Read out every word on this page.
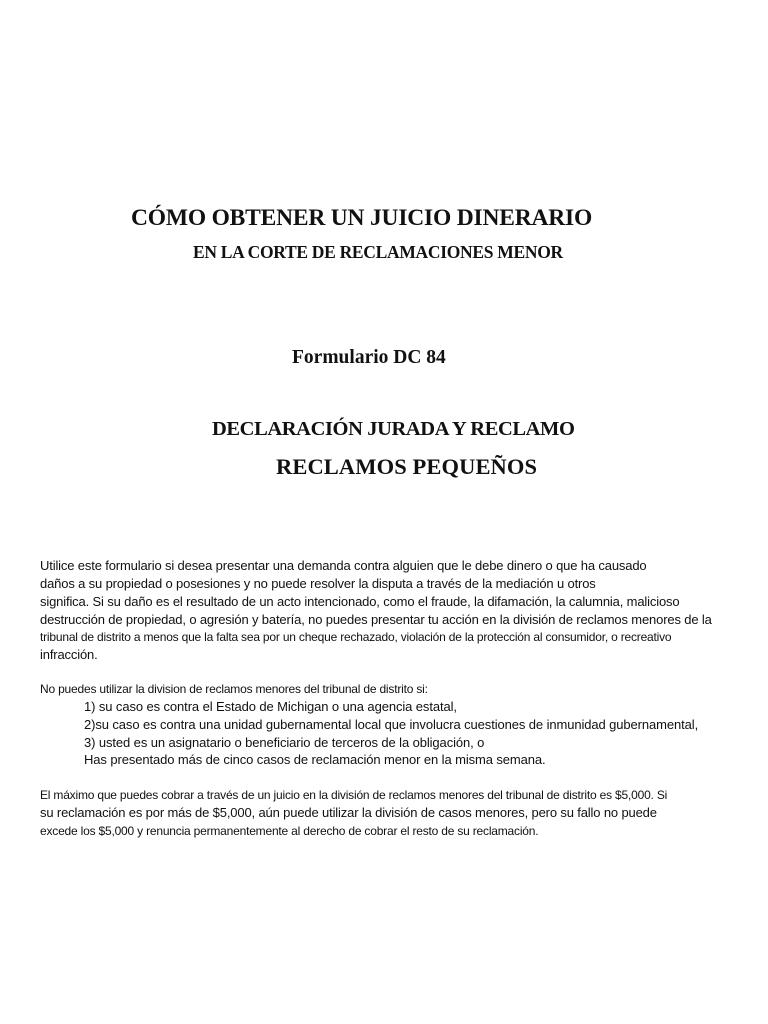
CÓMO OBTENER UN JUICIO DINERARIO
EN LA CORTE DE RECLAMACIONES MENOR
Formulario DC 84
DECLARACIÓN JURADA Y RECLAMO
RECLAMOS PEQUEÑOS
Utilice este formulario si desea presentar una demanda contra alguien que le debe dinero o que ha causado
daños a su propiedad o posesiones y no puede resolver la disputa a través de la mediación u otros
significa. Si su daño es el resultado de un acto intencionado, como el fraude, la difamación, la calumnia, malicioso
destrucción de propiedad, o agresión y batería, no puedes presentar tu acción en la división de reclamos menores de la
tribunal de distrito a menos que la falta sea por un cheque rechazado, violación de la protección al consumidor, o recreativo
infracción.
No puedes utilizar la division de reclamos menores del tribunal de distrito si:
1) su caso es contra el Estado de Michigan o una agencia estatal,
2)su caso es contra una unidad gubernamental local que involucra cuestiones de inmunidad gubernamental,
3) usted es un asignatario o beneficiario de terceros de la obligación, o
Has presentado más de cinco casos de reclamación menor en la misma semana.
El máximo que puedes cobrar a través de un juicio en la división de reclamos menores del tribunal de distrito es $5,000. Si
su reclamación es por más de $5,000, aún puede utilizar la división de casos menores, pero su fallo no puede
excede los $5,000 y renuncia permanentemente al derecho de cobrar el resto de su reclamación.
